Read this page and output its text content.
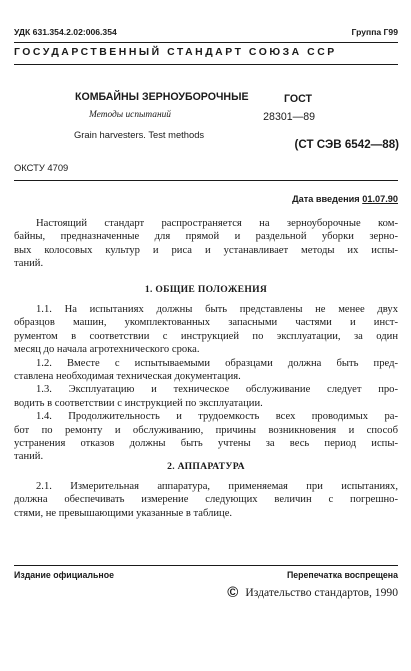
УДК 631.354.2.02:006.354	Группа Г99
ГОСУДАРСТВЕННЫЙ СТАНДАРТ СОЮЗА ССР
КОМБАЙНЫ ЗЕРНОУБОРОЧНЫЕ	ГОСТ
Методы испытаний	28301—89
Grain harvesters. Test methods
(СТ СЭВ 6542—88)
ОКСТУ 4709
Дата введения 01.07.90
Настоящий стандарт распространяется на зерноуборочные ком-
байны, предназначенные для прямой и раздельной уборки зерно-
вых колосовых культур и риса и устанавливает методы их испы-
таний.
1. ОБЩИЕ ПОЛОЖЕНИЯ
1.1. На испытаниях должны быть представлены не менее двух
образцов машин, укомплектованных запасными частями и инст-
рументом в соответствии с инструкцией по эксплуатации, за один
месяц до начала агротехнического срока.
1.2. Вместе с испытываемыми образцами должна быть пред-
ставлена необходимая техническая документация.
1.3. Эксплуатацию и техническое обслуживание следует про-
водить в соответствии с инструкцией по эксплуатации.
1.4. Продолжительность и трудоемкость всех проводимых ра-
бот по ремонту и обслуживанию, причины возникновения и способ
устранения отказов должны быть учтены за весь период испы-
таний.
2. АППАРАТУРА
2.1. Измерительная аппаратура, применяемая при испытаниях,
должна обеспечивать измерение следующих величин с погрешно-
стями, не превышающими указанные в таблице.
Издание официальное	Перепечатка воспрещена
© Издательство стандартов, 1990
